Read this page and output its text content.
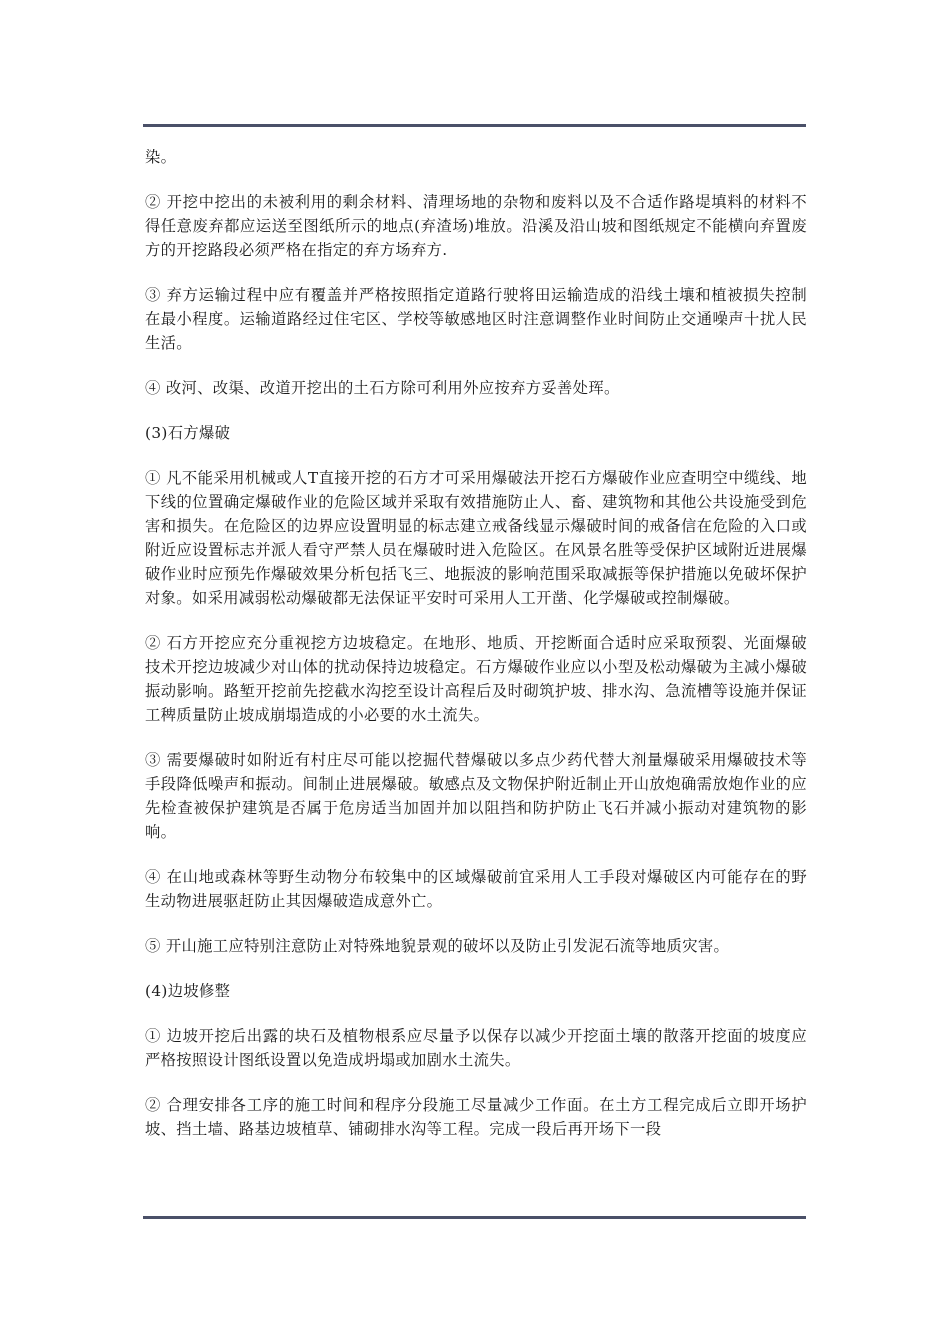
染。

② 开挖中挖出的未被利用的剩余材料、清理场地的杂物和废料以及不合适作路堤填料的材料不得任意废弃都应运送至图纸所示的地点(弃渣场)堆放。沿溪及沿山坡和图纸规定不能横向弃置废方的开挖路段必须严格在指定的弃方场弃方.

③ 弃方运输过程中应有覆盖并严格按照指定道路行驶将田运输造成的沿线土壤和植被损失控制在最小程度。运输道路经过住宅区、学校等敏感地区时注意调整作业时间防止交通噪声十扰人民生活。

④ 改河、改渠、改道开挖出的土石方除可利用外应按弃方妥善处珲。

(3)石方爆破

① 凡不能采用机械或人T直接开挖的石方才可采用爆破法开挖石方爆破作业应查明空中缆线、地下线的位置确定爆破作业的危险区域并采取有效措施防止人、畜、建筑物和其他公共设施受到危害和损失。在危险区的边界应设置明显的标志建立戒备线显示爆破时间的戒备信在危险的入口或附近应设置标志并派人看守严禁人员在爆破时进入危险区。在风景名胜等受保护区域附近进展爆破作业时应预先作爆破效果分析包括飞三、地振波的影响范围采取减振等保护措施以免破坏保护对象。如采用减弱松动爆破都无法保证平安时可采用人工开凿、化学爆破或控制爆破。

② 石方开挖应充分重视挖方边坡稳定。在地形、地质、开挖断面合适时应采取预裂、光面爆破技术开挖边坡减少对山体的扰动保持边坡稳定。石方爆破作业应以小型及松动爆破为主减小爆破振动影响。路堑开挖前先挖截水沟挖至设计高程后及时砌筑护坡、排水沟、急流槽等设施并保证工稗质量防止坡成崩塌造成的小必要的水土流失。

③ 需要爆破时如附近有村庄尽可能以挖掘代替爆破以多点少药代替大剂量爆破采用爆破技术等手段降低噪声和振动。间制止进展爆破。敏感点及文物保护附近制止开山放炮确需放炮作业的应先检查被保护建筑是否属于危房适当加固并加以阻挡和防护防止飞石并减小振动对建筑物的影响。

④ 在山地或森林等野生动物分布较集中的区域爆破前宜采用人工手段对爆破区内可能存在的野生动物进展驱赶防止其因爆破造成意外亡。

⑤ 开山施工应特别注意防止对特殊地貌景观的破坏以及防止引发泥石流等地质灾害。

(4)边坡修整

① 边坡开挖后出露的块石及植物根系应尽量予以保存以减少开挖面土壤的散落开挖面的坡度应严格按照设计图纸设置以免造成坍塌或加剧水土流失。

② 合理安排各工序的施工时间和程序分段施工尽量减少工作面。在土方工程完成后立即开场护坡、挡土墙、路基边坡植草、铺砌排水沟等工程。完成一段后再开场下一段
